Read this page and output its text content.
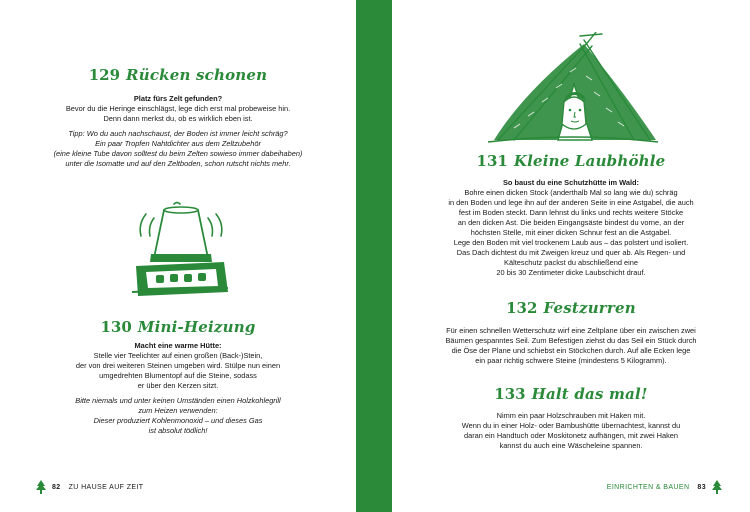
129 Rücken schonen

Platz fürs Zelt gefunden?

Bevor du die Heringe einschlägst, lege dich erst mal probeweise hin.

Denn dann merkst du, ob es wirklich eben ist.

Tipp: Wo du auch nachschaust, der Boden ist immer leicht schräg?

Ein paar Tropfen Nahtdichter aus dem Zeltzubehör

(eine kleine Tube davon solltest du beim Zelten sowieso immer dabeihaben)

unter die Isomatte und auf den Zeltboden, schon rutscht nichts mehr.

130 Mini-Heizung

Macht eine warme Hütte:

Stelle vier Teelichter auf einen großen (Back-)Stein,

der von drei weiteren Steinen umgeben wird. Stülpe nun einen

umgedrehten Blumentopf auf die Steine, sodass

er über den Kerzen sitzt.

Bitte niemals und unter keinen Umständen einen Holzkohlegrill

zum Heizen verwenden:

Dieser produziert Kohlenmonoxid – und dieses Gas

ist absolut tödlich!

82 ZU HAUSE AUF ZEIT
131 Kleine Laubhöhle

So baust du eine Schutzhütte im Wald:

Bohre einen dicken Stock (anderthalb Mal so lang wie du) schräg

in den Boden und lege ihn auf der anderen Seite in eine Astgabel, die auch

fest im Boden steckt. Dann lehnst du links und rechts weitere Stöcke

an den dicken Ast. Die beiden Eingangsäste bindest du vorne, an der

höchsten Stelle, mit einer dicken Schnur fest an die Astgabel.

Lege den Boden mit viel trockenem Laub aus – das polstert und isoliert.

Das Dach dichtest du mit Zweigen kreuz und quer ab. Als Regen- und

Kälteschutz packst du abschließend eine

20 bis 30 Zentimeter dicke Laubschicht drauf.

132 Festzurren

Für einen schnellen Wetterschutz wirf eine Zeltplane über ein zwischen zwei

Bäumen gespanntes Seil. Zum Befestigen ziehst du das Seil ein Stück durch

die Öse der Plane und schiebst ein Stöckchen durch. Auf alle Ecken lege

ein paar richtig schwere Steine (mindestens 5 Kilogramm).

133 Halt das mal!

Nimm ein paar Holzschrauben mit Haken mit.

Wenn du in einer Holz- oder Bambushütte übernachtest, kannst du

daran ein Handtuch oder Moskitonetz aufhängen, mit zwei Haken

kannst du auch eine Wäscheleine spannen.

EINRICHTEN & BAUEN 83
